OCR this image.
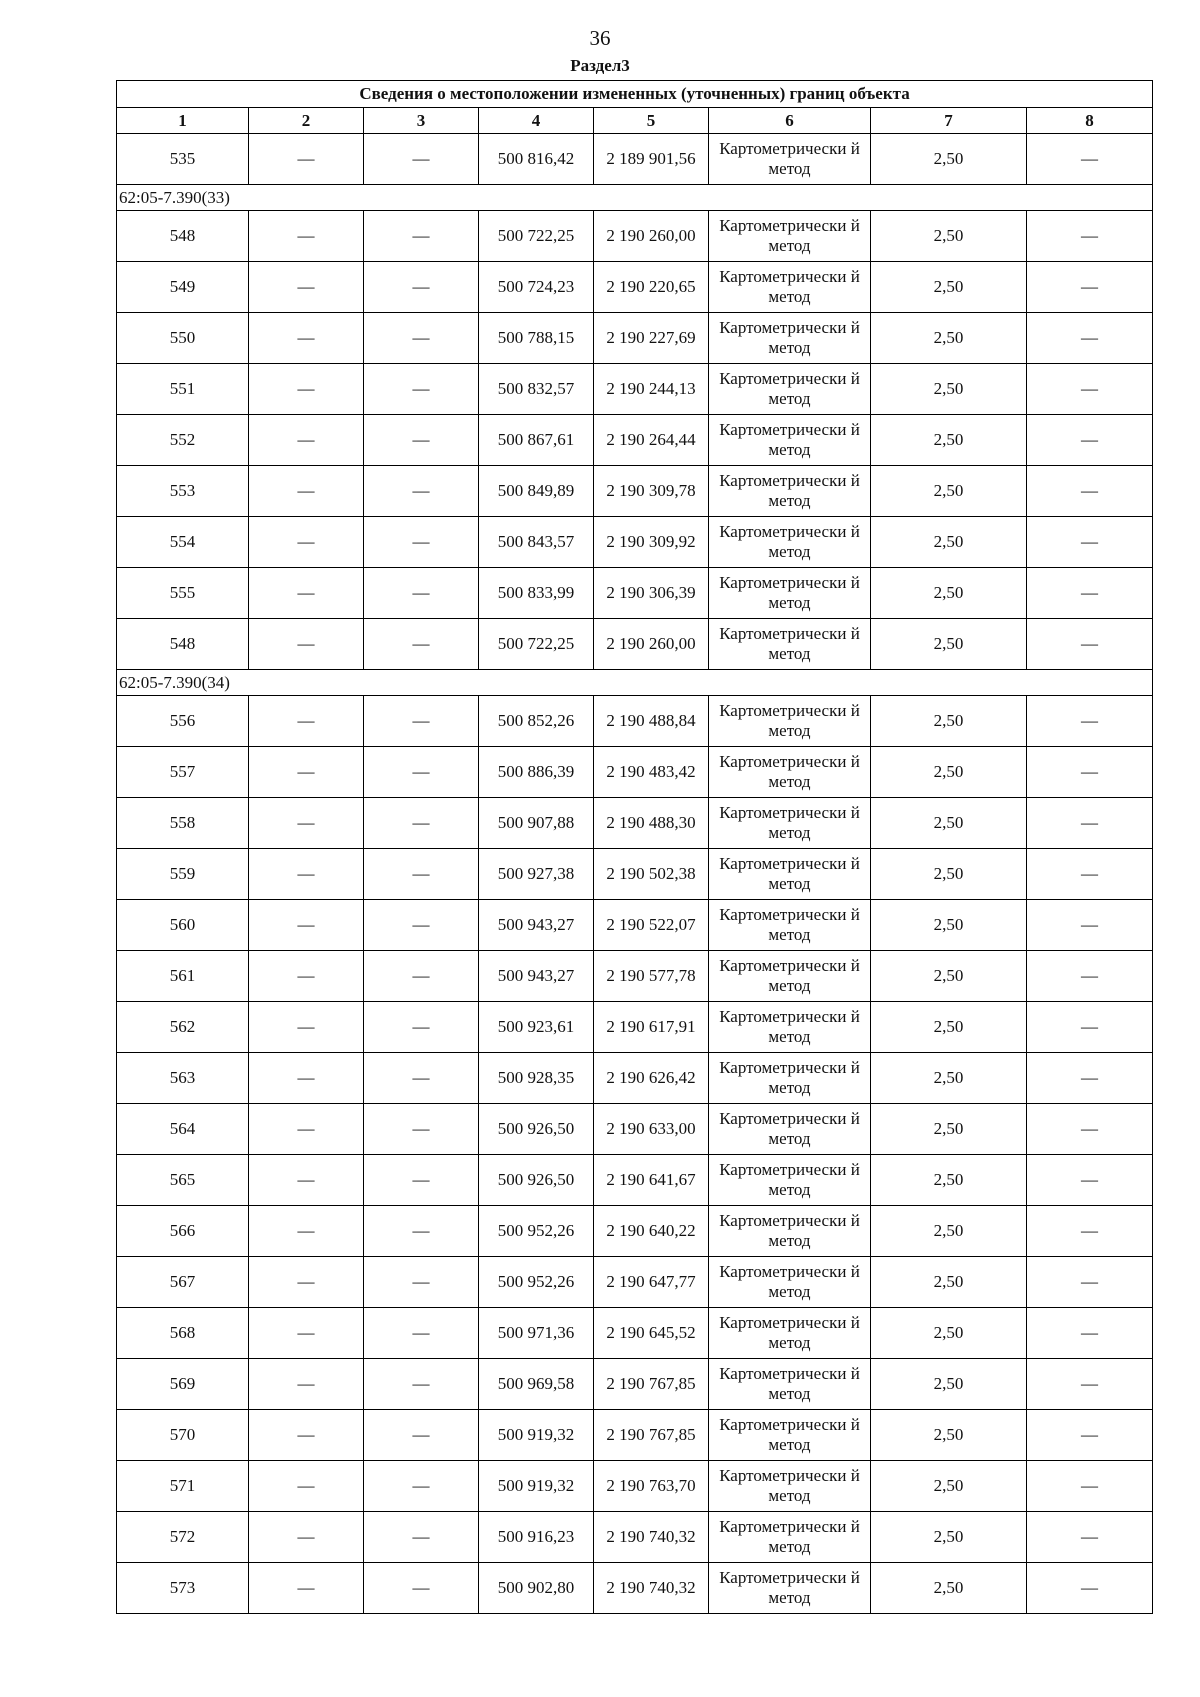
36
Раздел3
Сведения о местоположении измененных (уточненных) границ объекта							
1	2	3	4	5	6	7	8
535	—	—	500 816,42	2 189 901,56	Картометрически й метод	2,50	—
62:05-7.390(33)							
548	—	—	500 722,25	2 190 260,00	Картометрически й метод	2,50	—
549	—	—	500 724,23	2 190 220,65	Картометрически й метод	2,50	—
550	—	—	500 788,15	2 190 227,69	Картометрически й метод	2,50	—
551	—	—	500 832,57	2 190 244,13	Картометрически й метод	2,50	—
552	—	—	500 867,61	2 190 264,44	Картометрически й метод	2,50	—
553	—	—	500 849,89	2 190 309,78	Картометрически й метод	2,50	—
554	—	—	500 843,57	2 190 309,92	Картометрически й метод	2,50	—
555	—	—	500 833,99	2 190 306,39	Картометрически й метод	2,50	—
548	—	—	500 722,25	2 190 260,00	Картометрически й метод	2,50	—
62:05-7.390(34)							
556	—	—	500 852,26	2 190 488,84	Картометрически й метод	2,50	—
557	—	—	500 886,39	2 190 483,42	Картометрически й метод	2,50	—
558	—	—	500 907,88	2 190 488,30	Картометрически й метод	2,50	—
559	—	—	500 927,38	2 190 502,38	Картометрически й метод	2,50	—
560	—	—	500 943,27	2 190 522,07	Картометрически й метод	2,50	—
561	—	—	500 943,27	2 190 577,78	Картометрически й метод	2,50	—
562	—	—	500 923,61	2 190 617,91	Картометрически й метод	2,50	—
563	—	—	500 928,35	2 190 626,42	Картометрически й метод	2,50	—
564	—	—	500 926,50	2 190 633,00	Картометрически й метод	2,50	—
565	—	—	500 926,50	2 190 641,67	Картометрически й метод	2,50	—
566	—	—	500 952,26	2 190 640,22	Картометрически й метод	2,50	—
567	—	—	500 952,26	2 190 647,77	Картометрически й метод	2,50	—
568	—	—	500 971,36	2 190 645,52	Картометрически й метод	2,50	—
569	—	—	500 969,58	2 190 767,85	Картометрически й метод	2,50	—
570	—	—	500 919,32	2 190 767,85	Картометрически й метод	2,50	—
571	—	—	500 919,32	2 190 763,70	Картометрически й метод	2,50	—
572	—	—	500 916,23	2 190 740,32	Картометрически й метод	2,50	—
573	—	—	500 902,80	2 190 740,32	Картометрически й метод	2,50	—
